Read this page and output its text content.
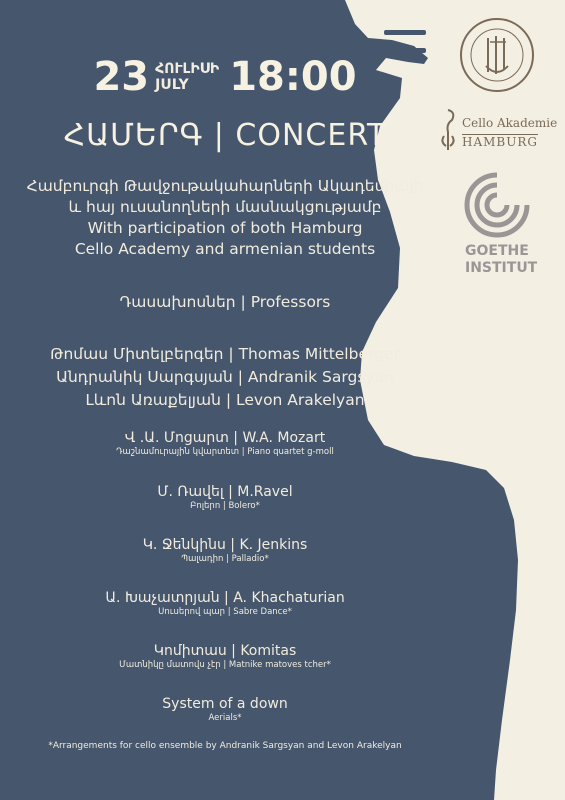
23 ՀՈՒԼԻՍԻ
JULY	18:00
ՀԱՄԵՐԳ | CONCERT
Համբուրգի Թավջութակահարների Ակադեմիայի
և հայ ուսանողների մասնակցությամբ
With participation of both Hamburg
Cello Academy and armenian students
Դասախոսներ | Professors
Թոմաս Միտելբերգեր | Thomas Mittelberger
Անդրանիկ Սարգսյան | Andranik Sargsyan
Լևոն Առաքելյան | Levon Arakelyan
Վ .Ա. Մոցարտ | W.A. Mozart
Դաշնամուրային կվարտետ | Piano quartet g-moll
Մ. Ռավել | M.Ravel
Բոլերո | Bolero*
Կ. Ջենկինս | K. Jenkins
Պալադիո | Palladio*
Ա. Խաչատրյան | A. Khachaturian
Սուսերով պար | Sabre Dance*
Կոմիտաս | Komitas
Մատնիկը մատովս չէր | Matnike matoves tcher*
System of a down
Aerials*
*Arrangements for cello ensemble by Andranik Sargsyan and Levon Arakelyan
Cello Akademie
HAMBURG
GOETHE
INSTITUT
